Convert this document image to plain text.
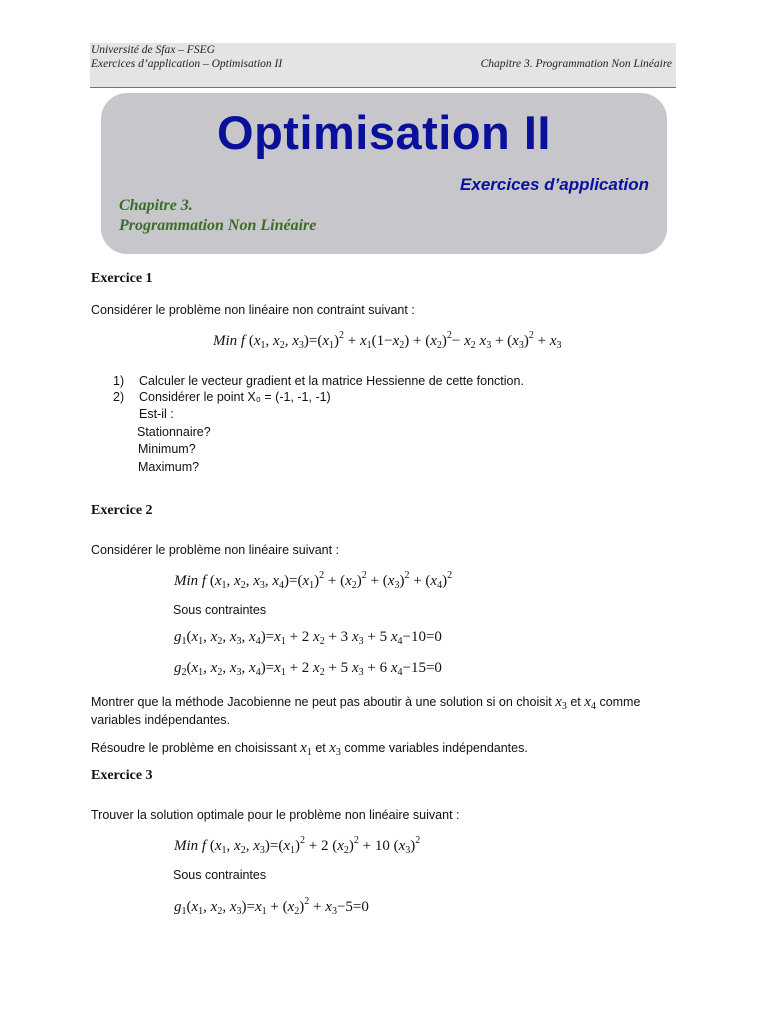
Université de Sfax – FSEG
Exercices d’application – Optimisation II	Chapitre 3. Programmation Non Linéaire
Optimisation II
Exercices d’application
Chapitre 3.
Programmation Non Linéaire
Exercice 1
Considérer le problème non linéaire non contraint suivant :
Min f ($x_1$, $x_2$, $x_3)=(x_1)^2 + x_1(1-x_2) + (x_2)^2- x_2$ $x_3 + (x_3)^2 + x_3$
1) Calculer le vecteur gradient et la matrice Hessienne de cette fonction.
2) Considérer le point X₀ = (-1, -1, -1)
Est-il :
Stationnaire?
Minimum?
Maximum?
Exercice 2
Considérer le problème non linéaire suivant :
Min f ($x_1$, $x_2$, $x_3$, $x_4)=(x_1)^2 + (x_2)^2 + (x_3)^2 + (x_4)^2$
Sous contraintes
$g_1(x_1$, $x_2$, $x_3$, $x_4)=x_1 + 2$ $x_2 + 3$ $x_3 + 5$ $x_4-10=0$
$g_2(x_1$, $x_2$, $x_3$, $x_4)=x_1 + 2$ $x_2 + 5$ $x_3 + 6$ $x_4-15=0$
Montrer que la méthode Jacobienne ne peut pas aboutir à une solution si on choisit $x_3$ et $x_4$ comme
variables indépendantes.
Résoudre le problème en choisissant $x_1$ et $x_3$ comme variables indépendantes.
Exercice 3
Trouver la solution optimale pour le problème non linéaire suivant :
Min f ($x_1$, $x_2$, $x_3)=(x_1)^2 + 2$ $(x_2)^2 + 10$ $(x_3)^2$
Sous contraintes
$g_1(x_1$, $x_2$, $x_3)=x_1 + (x_2)^2 + x_3-5=0$
